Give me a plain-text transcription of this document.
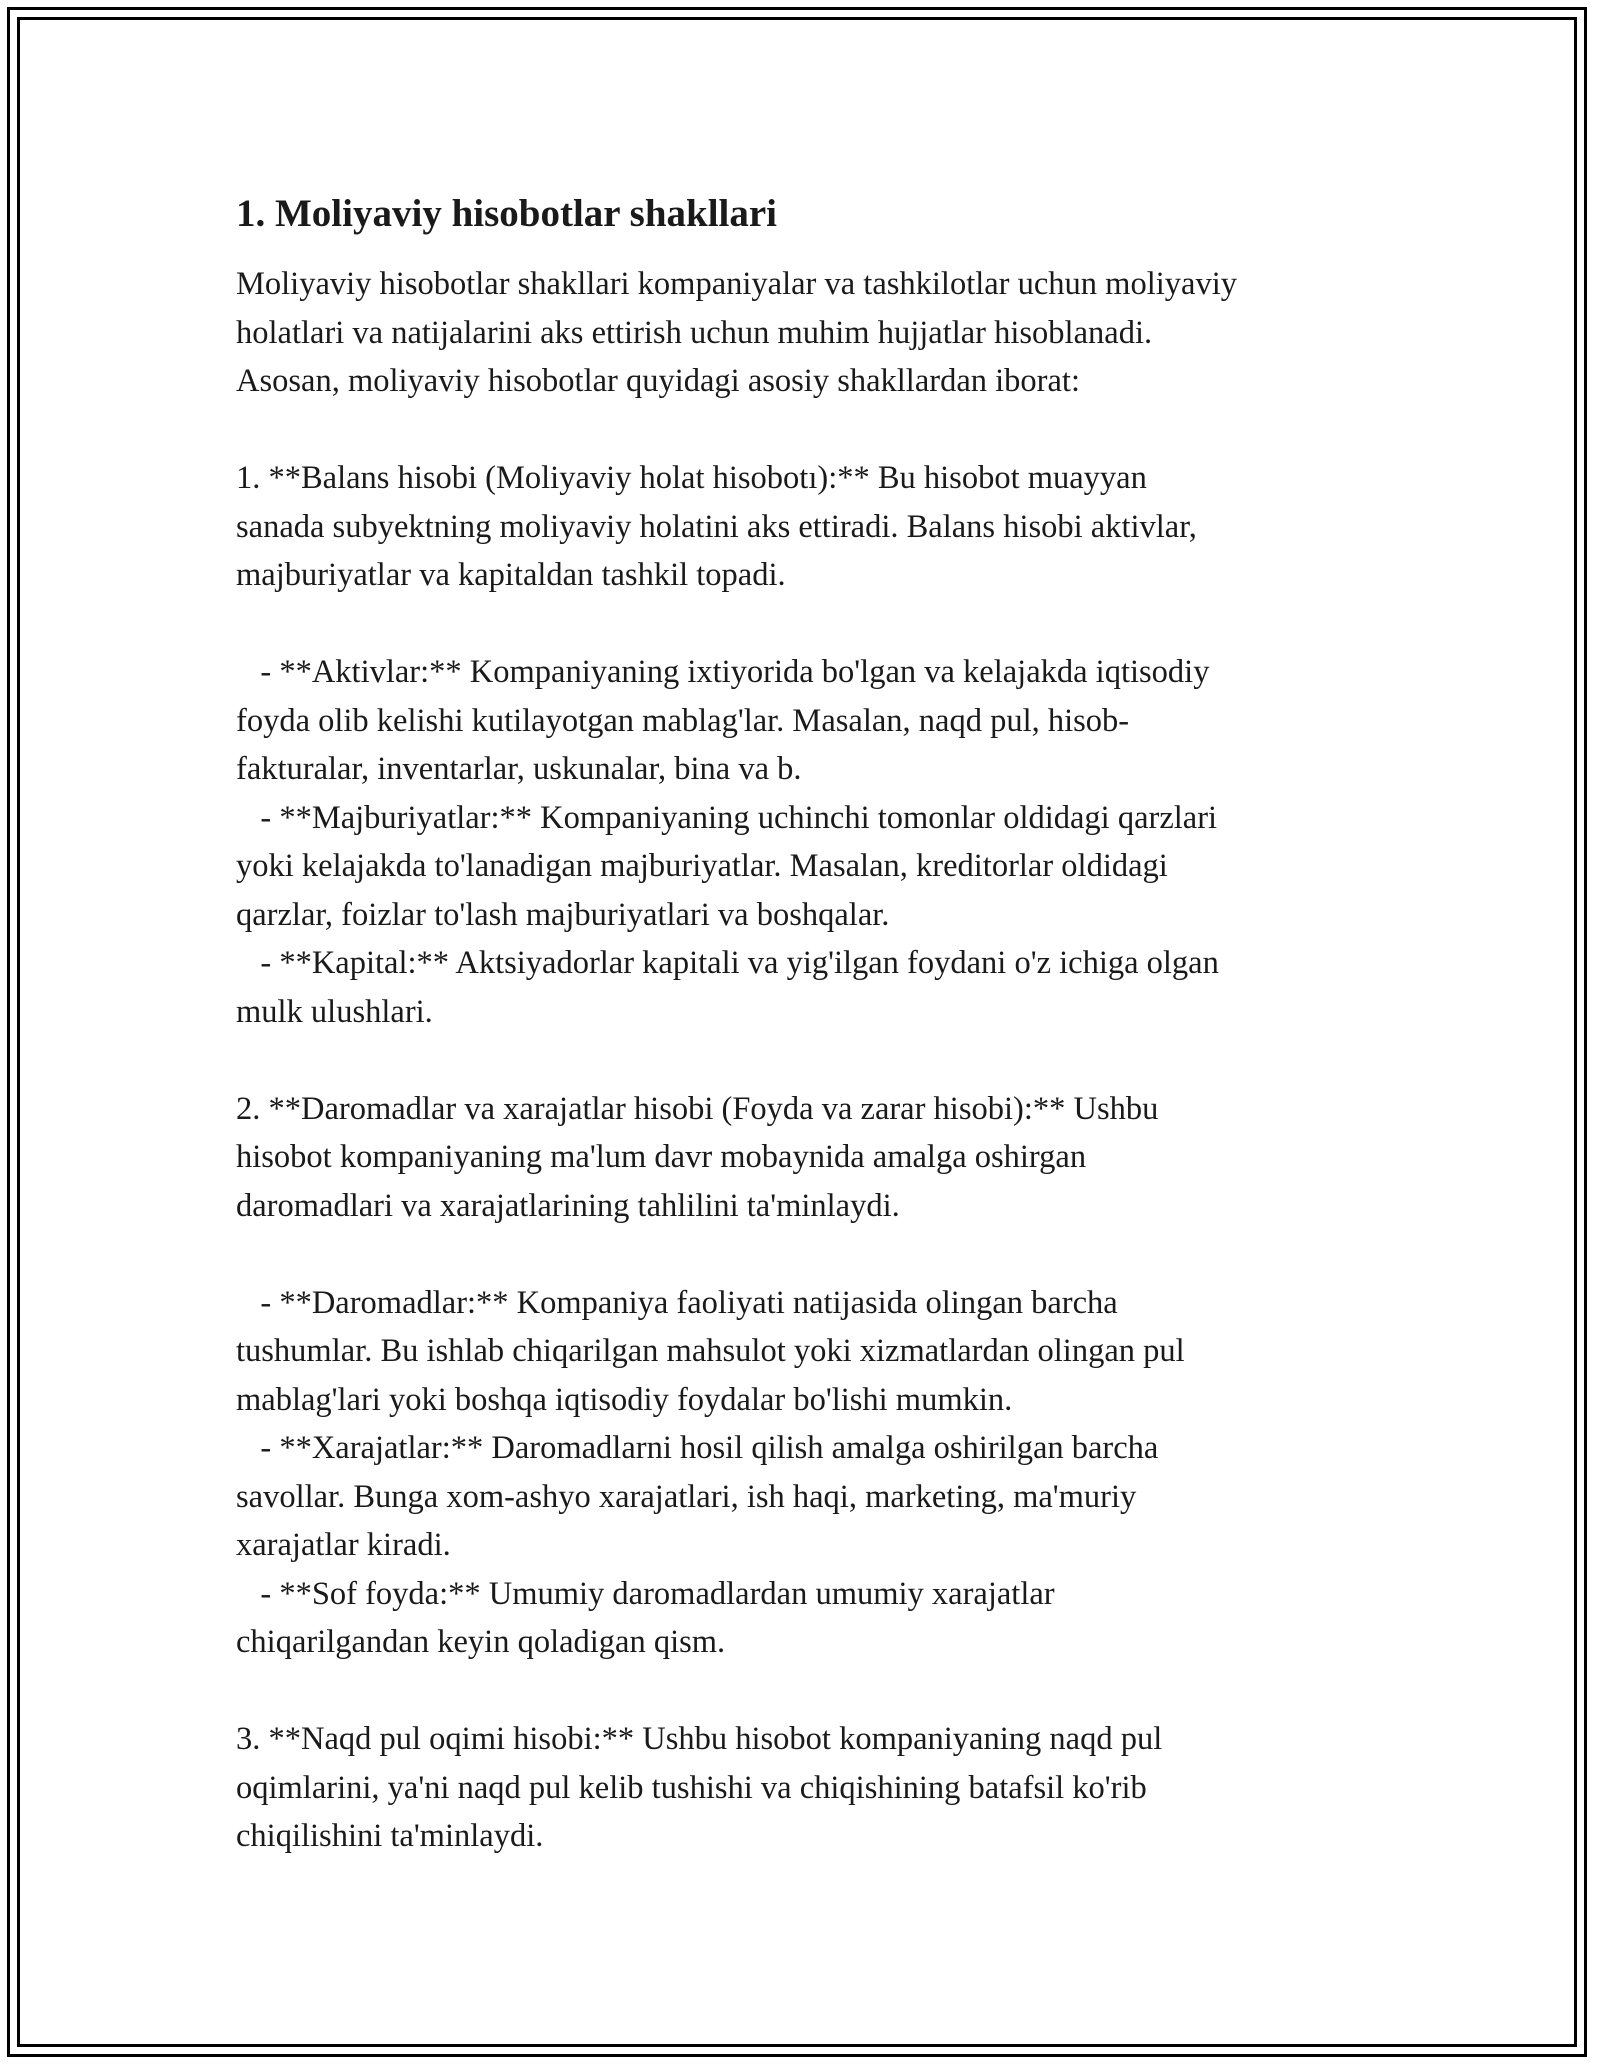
1. Moliyaviy hisobotlar shakllari

Moliyaviy hisobotlar shakllari kompaniyalar va tashkilotlar uchun moliyaviy
holatlari va natijalarini aks ettirish uchun muhim hujjatlar hisoblanadi.
Asosan, moliyaviy hisobotlar quyidagi asosiy shakllardan iborat:

1. **Balans hisobi (Moliyaviy holat hisobotı):** Bu hisobot muayyan
sanada subyektning moliyaviy holatini aks ettiradi. Balans hisobi aktivlar,
majburiyatlar va kapitaldan tashkil topadi.

- **Aktivlar:** Kompaniyaning ixtiyorida bo'lgan va kelajakda iqtisodiy
foyda olib kelishi kutilayotgan mablag'lar. Masalan, naqd pul, hisob-
fakturalar, inventarlar, uskunalar, bina va b.
- **Majburiyatlar:** Kompaniyaning uchinchi tomonlar oldidagi qarzlari
yoki kelajakda to'lanadigan majburiyatlar. Masalan, kreditorlar oldidagi
qarzlar, foizlar to'lash majburiyatlari va boshqalar.
- **Kapital:** Aktsiyadorlar kapitali va yig'ilgan foydani o'z ichiga olgan
mulk ulushlari.

2. **Daromadlar va xarajatlar hisobi (Foyda va zarar hisobi):** Ushbu
hisobot kompaniyaning ma'lum davr mobaynida amalga oshirgan
daromadlari va xarajatlarining tahlilini ta'minlaydi.

- **Daromadlar:** Kompaniya faoliyati natijasida olingan barcha
tushumlar. Bu ishlab chiqarilgan mahsulot yoki xizmatlardan olingan pul
mablag'lari yoki boshqa iqtisodiy foydalar bo'lishi mumkin.
- **Xarajatlar:** Daromadlarni hosil qilish amalga oshirilgan barcha
savollar. Bunga xom-ashyo xarajatlari, ish haqi, marketing, ma'muriy
xarajatlar kiradi.
- **Sof foyda:** Umumiy daromadlardan umumiy xarajatlar
chiqarilgandan keyin qoladigan qism.

3. **Naqd pul oqimi hisobi:** Ushbu hisobot kompaniyaning naqd pul
oqimlarini, ya'ni naqd pul kelib tushishi va chiqishining batafsil ko'rib
chiqilishini ta'minlaydi.
